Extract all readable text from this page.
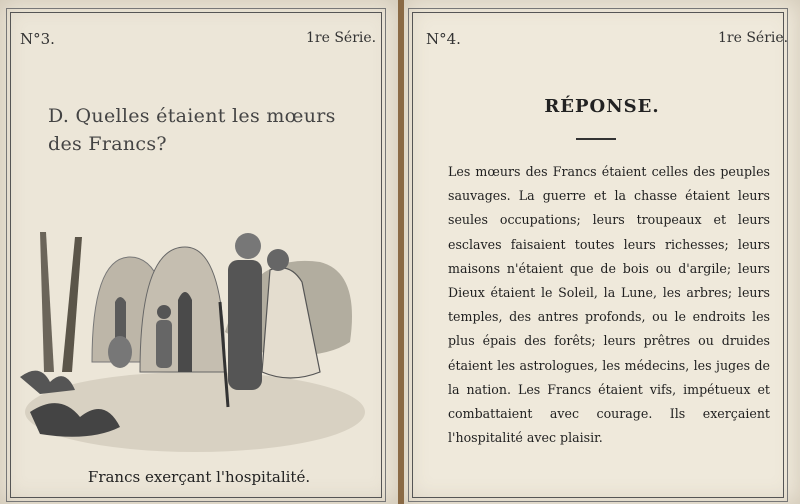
N°3.	1re Série.
D. Quelles étaient les mœurs des Francs?
Francs exerçant l'hospitalité.
N°4.	1re Série.
RÉPONSE.
Les mœurs des Francs étaient celles des peuples sauvages. La guerre et la chasse étaient leurs seules occupations; leurs troupeaux et leurs esclaves faisaient toutes leurs richesses; leurs maisons n'étaient que de bois ou d'argile; leurs Dieux étaient le Soleil, la Lune, les arbres; leurs temples, des antres profonds, ou le endroits les plus épais des forêts; leurs prêtres ou druides étaient les astrologues, les médecins, les juges de la nation. Les Francs étaient vifs, impétueux et combattaient avec courage. Ils exerçaient l'hospitalité avec plaisir.
